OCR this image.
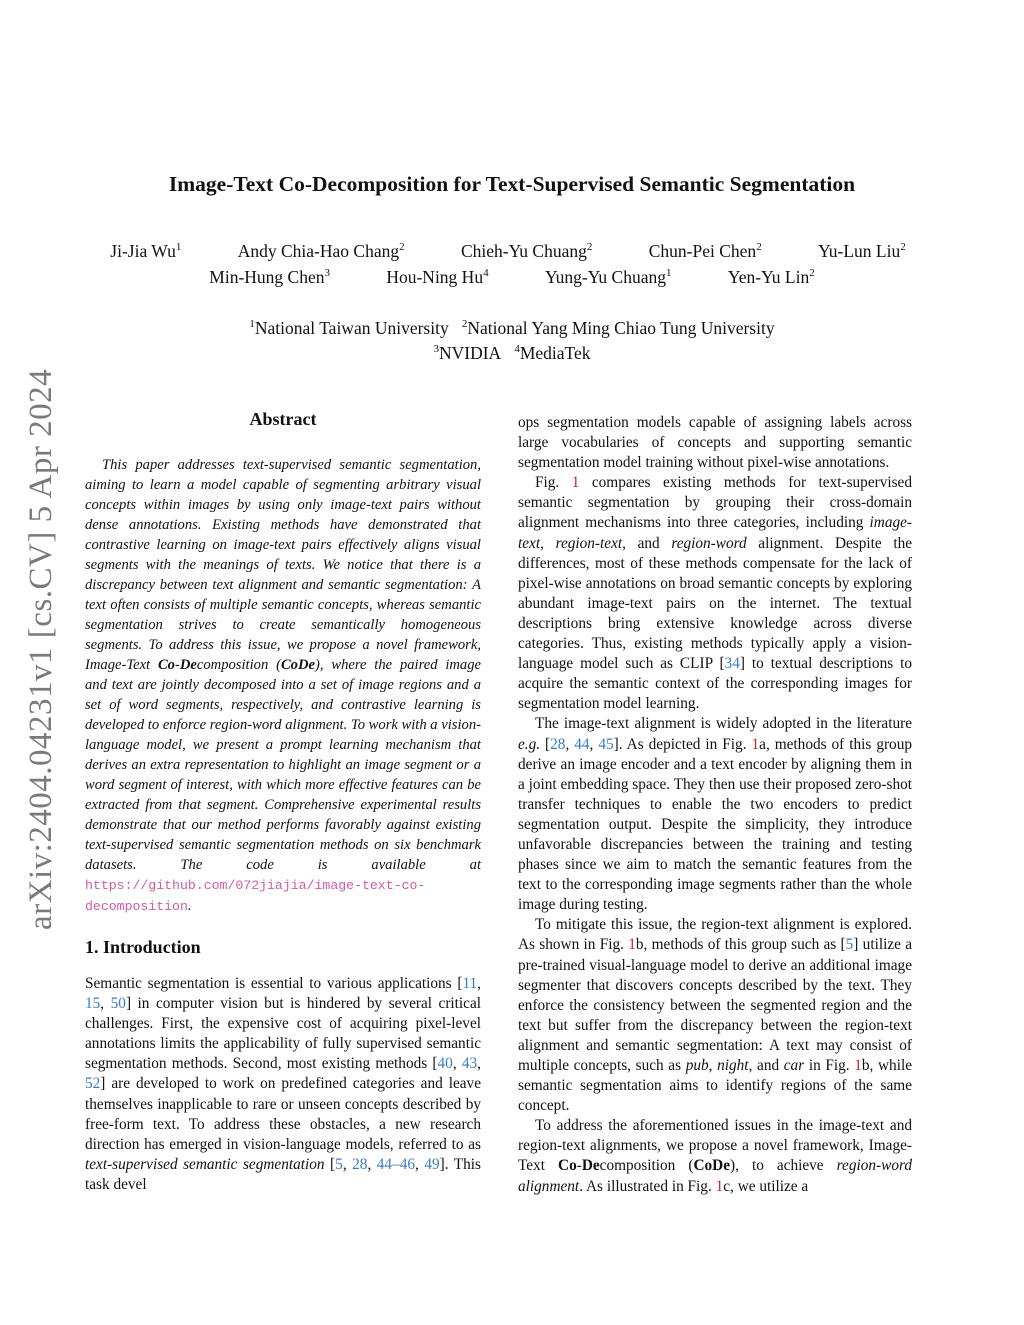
arXiv:2404.04231v1 [cs.CV] 5 Apr 2024
Image-Text Co-Decomposition for Text-Supervised Semantic Segmentation
Ji-Jia Wu$^1$	Andy Chia-Hao Chang$^2$	Chieh-Yu Chuang$^2$	Chun-Pei Chen$^2$	Yu-Lun Liu$^2$
Min-Hung Chen$^3$	Hou-Ning Hu$^4$	Yung-Yu Chuang$^1$	Yen-Yu Lin$^2$
$^1$National Taiwan University $^2$National Yang Ming Chiao Tung University
$^3$NVIDIA $^4$MediaTek
Abstract
This paper addresses text-supervised semantic segmentation, aiming to learn a model capable of segmenting arbitrary visual concepts within images by using only image-text pairs without dense annotations. Existing methods have demonstrated that contrastive learning on image-text pairs effectively aligns visual segments with the meanings of texts. We notice that there is a discrepancy between text alignment and semantic segmentation: A text often consists of multiple semantic concepts, whereas semantic segmentation strives to create semantically homogeneous segments. To address this issue, we propose a novel framework, Image-Text Co-Decomposition (CoDe), where the paired image and text are jointly decomposed into a set of image regions and a set of word segments, respectively, and contrastive learning is developed to enforce region-word alignment. To work with a vision-language model, we present a prompt learning mechanism that derives an extra representation to highlight an image segment or a word segment of interest, with which more effective features can be extracted from that segment. Comprehensive experimental results demonstrate that our method performs favorably against existing text-supervised semantic segmentation methods on six benchmark datasets. The code is available at https://github.com/072jiajia/image-text-co-decomposition.
1. Introduction
Semantic segmentation is essential to various applications [11, 15, 50] in computer vision but is hindered by several critical challenges. First, the expensive cost of acquiring pixel-level annotations limits the applicability of fully supervised semantic segmentation methods. Second, most existing methods [40, 43, 52] are developed to work on predefined categories and leave themselves inapplicable to rare or unseen concepts described by free-form text. To address these obstacles, a new research direction has emerged in vision-language models, referred to as text-supervised semantic segmentation [5, 28, 44–46, 49]. This task devel

ops segmentation models capable of assigning labels across large vocabularies of concepts and supporting semantic segmentation model training without pixel-wise annotations.

Fig. 1 compares existing methods for text-supervised semantic segmentation by grouping their cross-domain alignment mechanisms into three categories, including image-text, region-text, and region-word alignment. Despite the differences, most of these methods compensate for the lack of pixel-wise annotations on broad semantic concepts by exploring abundant image-text pairs on the internet. The textual descriptions bring extensive knowledge across diverse categories. Thus, existing methods typically apply a vision-language model such as CLIP [34] to textual descriptions to acquire the semantic context of the corresponding images for segmentation model learning.

The image-text alignment is widely adopted in the literature e.g. [28, 44, 45]. As depicted in Fig. 1a, methods of this group derive an image encoder and a text encoder by aligning them in a joint embedding space. They then use their proposed zero-shot transfer techniques to enable the two encoders to predict segmentation output. Despite the simplicity, they introduce unfavorable discrepancies between the training and testing phases since we aim to match the semantic features from the text to the corresponding image segments rather than the whole image during testing.

To mitigate this issue, the region-text alignment is explored. As shown in Fig. 1b, methods of this group such as [5] utilize a pre-trained visual-language model to derive an additional image segmenter that discovers concepts described by the text. They enforce the consistency between the segmented region and the text but suffer from the discrepancy between the region-text alignment and semantic segmentation: A text may consist of multiple concepts, such as pub, night, and car in Fig. 1b, while semantic segmentation aims to identify regions of the same concept.

To address the aforementioned issues in the image-text and region-text alignments, we propose a novel framework, Image-Text Co-Decomposition (CoDe), to achieve region-word alignment. As illustrated in Fig. 1c, we utilize a
